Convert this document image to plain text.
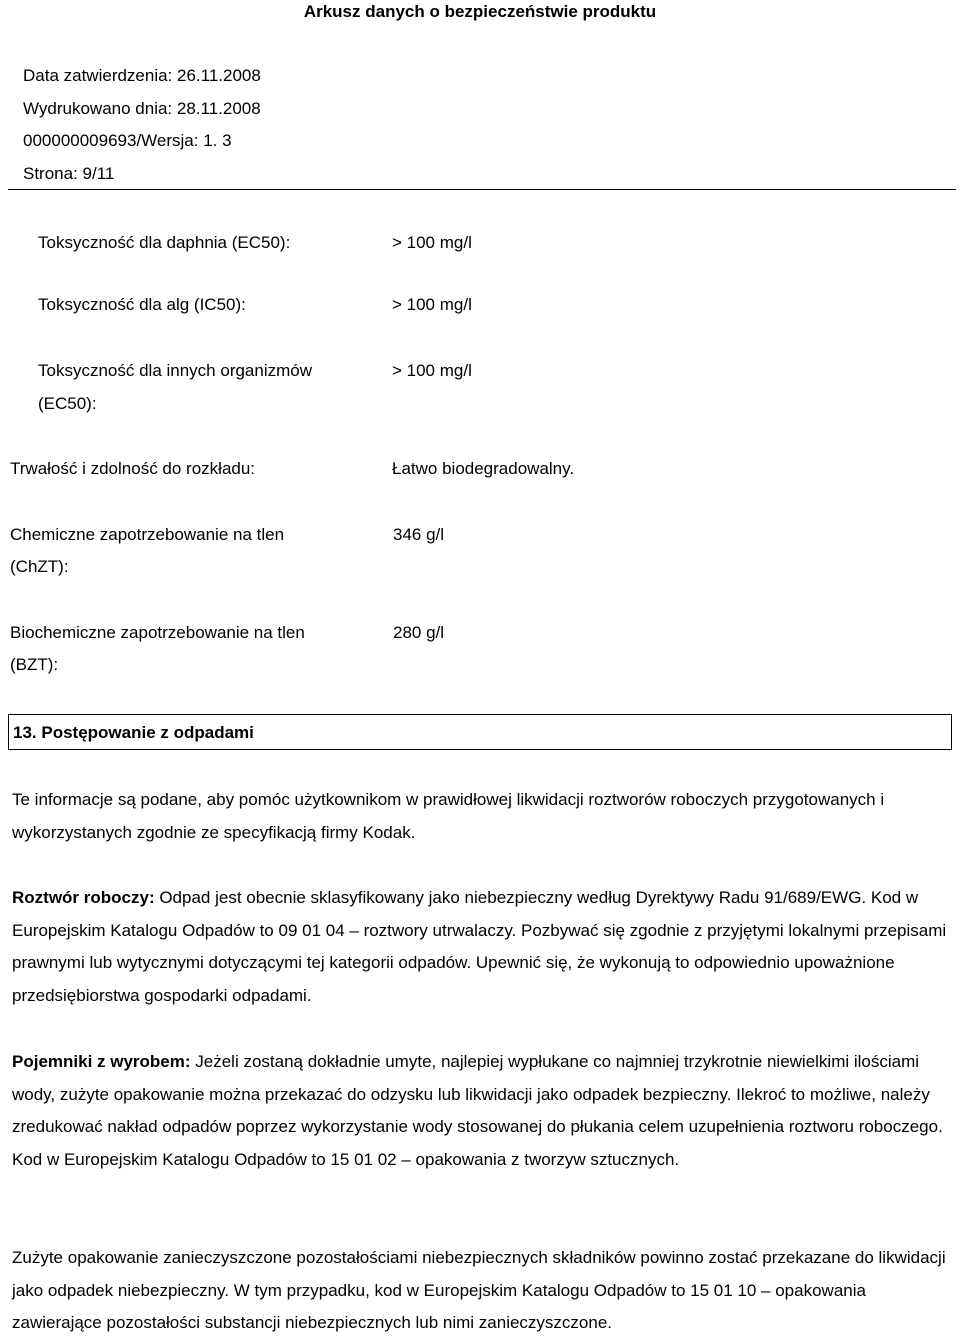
Arkusz danych o bezpieczeństwie produktu
Data zatwierdzenia: 26.11.2008
Wydrukowano dnia: 28.11.2008
000000009693/Wersja: 1. 3
Strona: 9/11
Toksyczność dla daphnia (EC50):	> 100 mg/l
Toksyczność dla alg (IC50):	> 100 mg/l
Toksyczność dla innych organizmów
(EC50):
> 100 mg/l
Trwałość i zdolność do rozkładu:	Łatwo biodegradowalny.
Chemiczne zapotrzebowanie na tlen
(ChZT):
346 g/l
Biochemiczne zapotrzebowanie na tlen
(BZT):
280 g/l
13. Postępowanie z odpadami
Te informacje są podane, aby pomóc użytkownikom w prawidłowej likwidacji roztworów roboczych przygotowanych i wykorzystanych zgodnie ze specyfikacją firmy Kodak.
Roztwór roboczy: Odpad jest obecnie sklasyfikowany jako niebezpieczny według Dyrektywy Radu 91/689/EWG. Kod w Europejskim Katalogu Odpadów to 09 01 04 – roztwory utrwalaczy. Pozbywać się zgodnie z przyjętymi lokalnymi przepisami prawnymi lub wytycznymi dotyczącymi tej kategorii odpadów. Upewnić się, że wykonują to odpowiednio upoważnione przedsiębiorstwa gospodarki odpadami.
Pojemniki z wyrobem: Jeżeli zostaną dokładnie umyte, najlepiej wypłukane co najmniej trzykrotnie niewielkimi ilościami wody, zużyte opakowanie można przekazać do odzysku lub likwidacji jako odpadek bezpieczny. Ilekroć to możliwe, należy zredukować nakład odpadów poprzez wykorzystanie wody stosowanej do płukania celem uzupełnienia roztworu roboczego. Kod w Europejskim Katalogu Odpadów to 15 01 02 – opakowania z tworzyw sztucznych.
Zużyte opakowanie zanieczyszczone pozostałościami niebezpiecznych składników powinno zostać przekazane do likwidacji jako odpadek niebezpieczny. W tym przypadku, kod w Europejskim Katalogu Odpadów to 15 01 10 – opakowania zawierające pozostałości substancji niebezpiecznych lub nimi zanieczyszczone.
